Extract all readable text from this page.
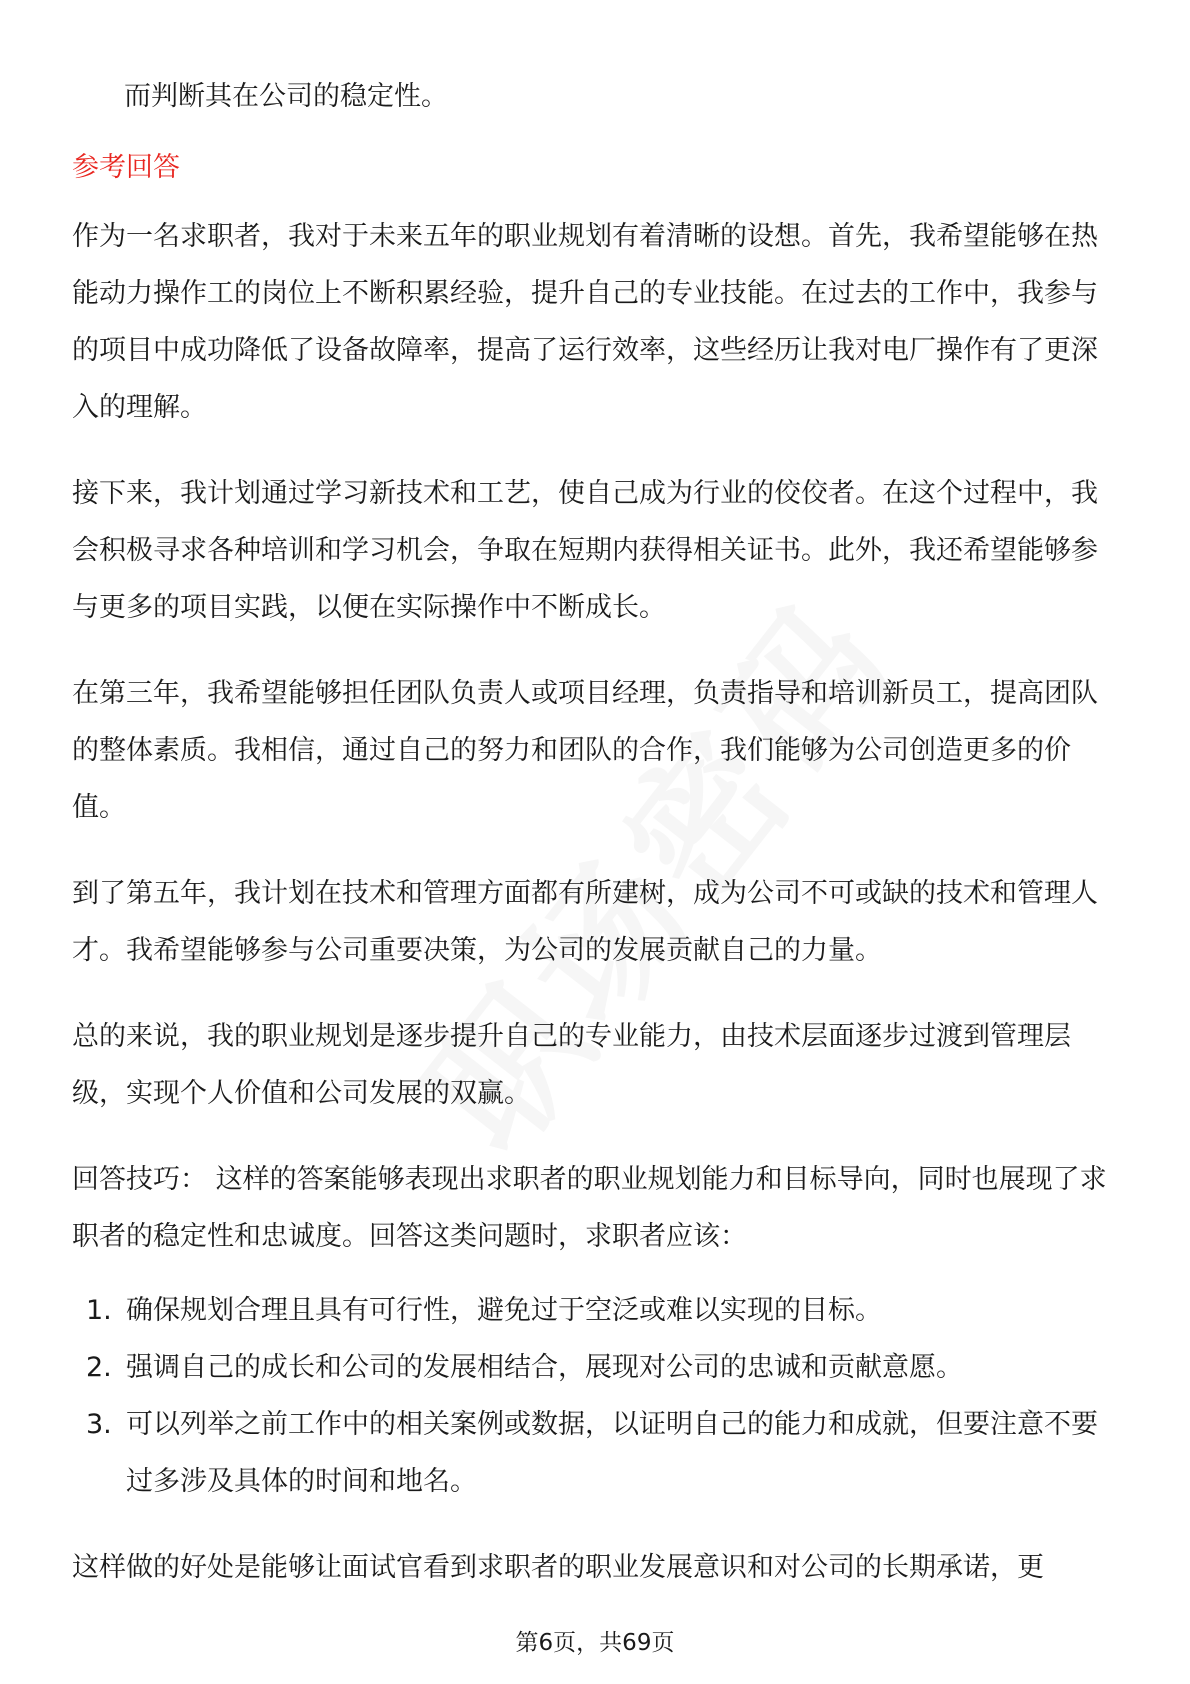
而判断其在公司的稳定性。

参考回答

作为一名求职者，我对于未来五年的职业规划有着清晰的设想。首先，我希望能够在热能动力操作工的岗位上不断积累经验，提升自己的专业技能。在过去的工作中，我参与的项目中成功降低了设备故障率，提高了运行效率，这些经历让我对电厂操作有了更深入的理解。

接下来，我计划通过学习新技术和工艺，使自己成为行业的佼佼者。在这个过程中，我会积极寻求各种培训和学习机会，争取在短期内获得相关证书。此外，我还希望能够参与更多的项目实践，以便在实际操作中不断成长。

在第三年，我希望能够担任团队负责人或项目经理，负责指导和培训新员工，提高团队的整体素质。我相信，通过自己的努力和团队的合作，我们能够为公司创造更多的价值。

到了第五年，我计划在技术和管理方面都有所建树，成为公司不可或缺的技术和管理人才。我希望能够参与公司重要决策，为公司的发展贡献自己的力量。

总的来说，我的职业规划是逐步提升自己的专业能力，由技术层面逐步过渡到管理层级，实现个人价值和公司发展的双赢。

回答技巧： 这样的答案能够表现出求职者的职业规划能力和目标导向，同时也展现了求职者的稳定性和忠诚度。回答这类问题时，求职者应该：

1. 确保规划合理且具有可行性，避免过于空泛或难以实现的目标。
2. 强调自己的成长和公司的发展相结合，展现对公司的忠诚和贡献意愿。
3. 可以列举之前工作中的相关案例或数据，以证明自己的能力和成就，但要注意不要过多涉及具体的时间和地名。

这样做的好处是能够让面试官看到求职者的职业发展意识和对公司的长期承诺，更

第6页，共69页
